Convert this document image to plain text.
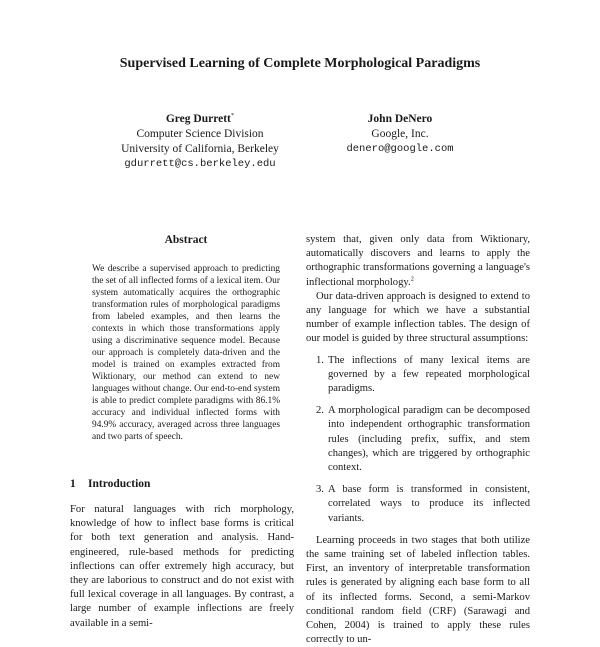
Supervised Learning of Complete Morphological Paradigms
Greg Durrett*
Computer Science Division
University of California, Berkeley
gdurrett@cs.berkeley.edu
John DeNero
Google, Inc.
denero@google.com
Abstract
We describe a supervised approach to predicting the set of all inflected forms of a lexical item. Our system automatically acquires the orthographic transformation rules of morphological paradigms from labeled examples, and then learns the contexts in which those transformations apply using a discriminative sequence model. Because our approach is completely data-driven and the model is trained on examples extracted from Wiktionary, our method can extend to new languages without change. Our end-to-end system is able to predict complete paradigms with 86.1% accuracy and individual inflected forms with 94.9% accuracy, averaged across three languages and two parts of speech.
1 Introduction
For natural languages with rich morphology, knowledge of how to inflect base forms is critical for both text generation and analysis. Hand-engineered, rule-based methods for predicting inflections can offer extremely high accuracy, but they are laborious to construct and do not exist with full lexical coverage in all languages. By contrast, a large number of example inflections are freely available in a semi-

system that, given only data from Wiktionary, automatically discovers and learns to apply the orthographic transformations governing a language's inflectional morphology.$^2$

Our data-driven approach is designed to extend to any language for which we have a substantial number of example inflection tables. The design of our model is guided by three structural assumptions:

1. The inflections of many lexical items are governed by a few repeated morphological paradigms.
2. A morphological paradigm can be decomposed into independent orthographic transformation rules (including prefix, suffix, and stem changes), which are triggered by orthographic context.
3. A base form is transformed in consistent, correlated ways to produce its inflected variants.

Learning proceeds in two stages that both utilize the same training set of labeled inflection tables. First, an inventory of interpretable transformation rules is generated by aligning each base form to all of its inflected forms. Second, a semi-Markov conditional random field (CRF) (Sarawagi and Cohen, 2004) is trained to apply these rules correctly to un-
